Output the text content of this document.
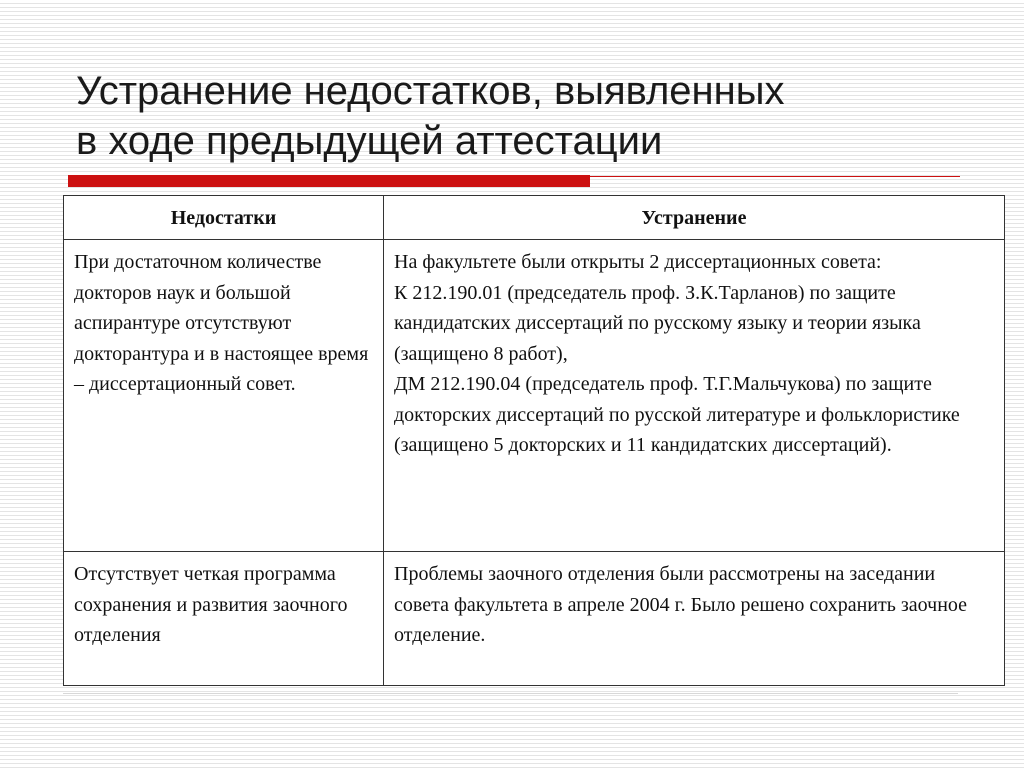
Устранение недостатков, выявленных
в ходе предыдущей аттестации
Недостатки	Устранение
При достаточном количестве докторов наук и большой аспирантуре отсутствуют докторантура и в настоящее время – диссертационный совет.	На факультете были открыты 2 диссертационных совета:
К 212.190.01 (председатель проф. З.К.Тарланов) по защите кандидатских диссертаций по русскому языку и теории языка (защищено 8 работ),
ДМ 212.190.04 (председатель проф. Т.Г.Мальчукова) по защите докторских диссертаций по русской литературе и фольклористике (защищено 5 докторских и 11 кандидатских диссертаций).

Отсутствует четкая программа сохранения и развития заочного отделения	Проблемы заочного отделения были рассмотрены на заседании совета факультета в апреле 2004 г. Было решено сохранить заочное отделение.
